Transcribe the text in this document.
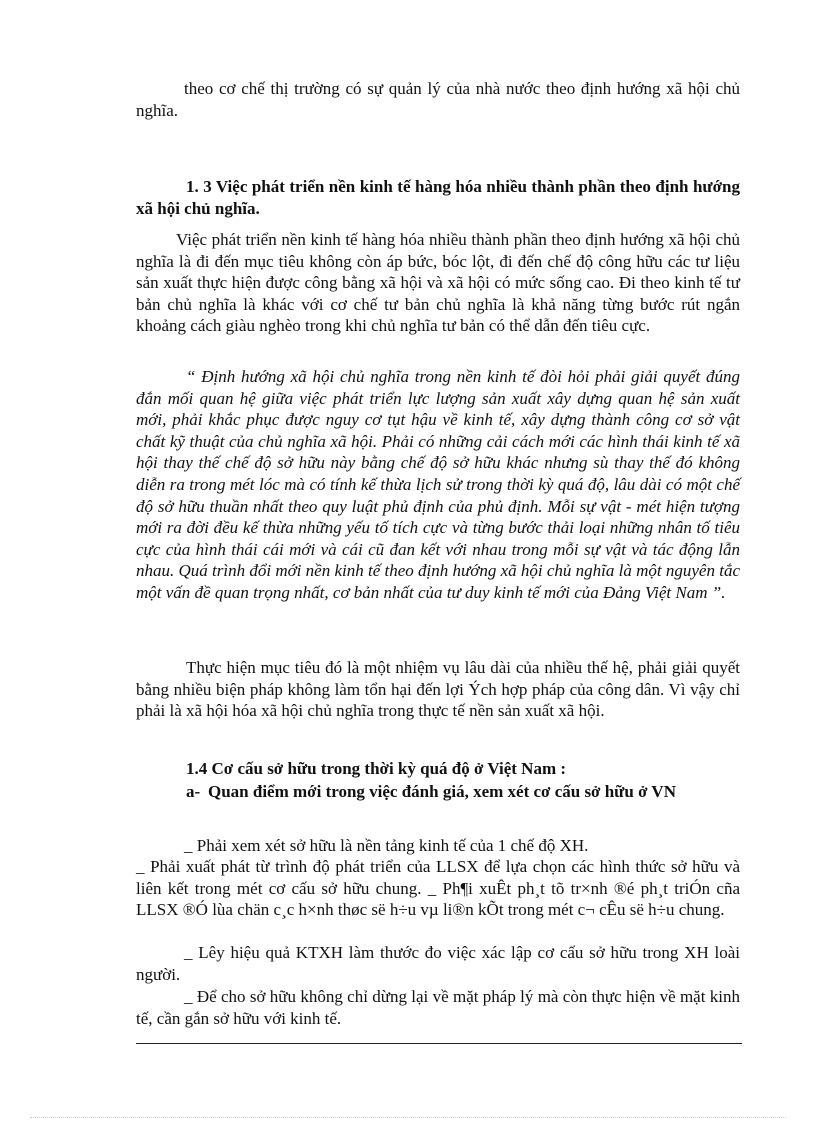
theo cơ chế thị trường có sự quản lý của nhà nước theo định hướng xã hội chủ nghĩa.

1. 3 Việc phát triển nền kinh tế hàng hóa nhiều thành phần theo định hướng xã hội chủ nghĩa.

Việc phát triển nền kinh tế hàng hóa nhiều thành phần theo định hướng xã hội chủ nghĩa là đi đến mục tiêu không còn áp bức, bóc lột, đi đến chế độ công hữu các tư liệu sản xuất thực hiện được công bằng xã hội và xã hội có mức sống cao. Đi theo kinh tế tư bản chủ nghĩa là khác với cơ chế tư bản chủ nghĩa là khả năng từng bước rút ngắn khoảng cách giàu nghèo trong khi chủ nghĩa tư bản có thể dẫn đến tiêu cực.

“ Định hướng xã hội chủ nghĩa trong nền kinh tế đòi hỏi phải giải quyết đúng đắn mối quan hệ giữa việc phát triển lực lượng sản xuất xây dựng quan hệ sản xuất mới, phải khắc phục được nguy cơ tụt hậu về kinh tế, xây dựng thành công cơ sở vật chất kỹ thuật của chủ nghĩa xã hội. Phải có những cải cách mới các hình thái kinh tế xã hội thay thế chế độ sở hữu này bằng chế độ sở hữu khác nhưng sù thay thế đó không diễn ra trong mét lóc mà có tính kế thừa lịch sử trong thời kỳ quá độ, lâu dài có một chế độ sở hữu thuần nhất theo quy luật phủ định của phủ định. Mỗi sự vật - mét hiện tượng mới ra đời đều kế thừa những yếu tố tích cực và từng bước thải loại những nhân tố tiêu cực của hình thái cái mới và cái cũ đan kết với nhau trong mỗi sự vật và tác động lẫn nhau. Quá trình đổi mới nền kinh tế theo định hướng xã hội chủ nghĩa là một nguyên tắc một vấn đề quan trọng nhất, cơ bản nhất của tư duy kinh tế mới của Đảng Việt Nam ”.

Thực hiện mục tiêu đó là một nhiệm vụ lâu dài của nhiều thế hệ, phải giải quyết bằng nhiều biện pháp không làm tổn hại đến lợi Ých hợp pháp của công dân. Vì vậy chỉ phải là xã hội hóa xã hội chủ nghĩa trong thực tế nền sản xuất xã hội.

1.4 Cơ cấu sở hữu trong thời kỳ quá độ ở Việt Nam :

a- Quan điểm mới trong việc đánh giá, xem xét cơ cấu sở hữu ở VN

_ Phải xem xét sở hữu là nền tảng kinh tế của 1 chế độ XH.

_ Phải xuất phát từ trình độ phát triển của LLSX để lựa chọn các hình thức sở hữu và liên kết trong mét cơ cấu sở hữu chung. _ Ph¶i xuÊt ph¸t tõ tr×nh ®é ph¸t triÓn cña LLSX ®Ó lùa chän c¸c h×nh thøc së h÷u vµ li®n kÕt trong mét c¬ cÊu së h÷u chung.

_ Lêy hiệu quả KTXH làm thước đo việc xác lập cơ cấu sở hữu trong XH loài người.

_ Để cho sở hữu không chỉ dừng lại về mặt pháp lý mà còn thực hiện về mặt kinh tế, cần gắn sở hữu với kinh tế.
